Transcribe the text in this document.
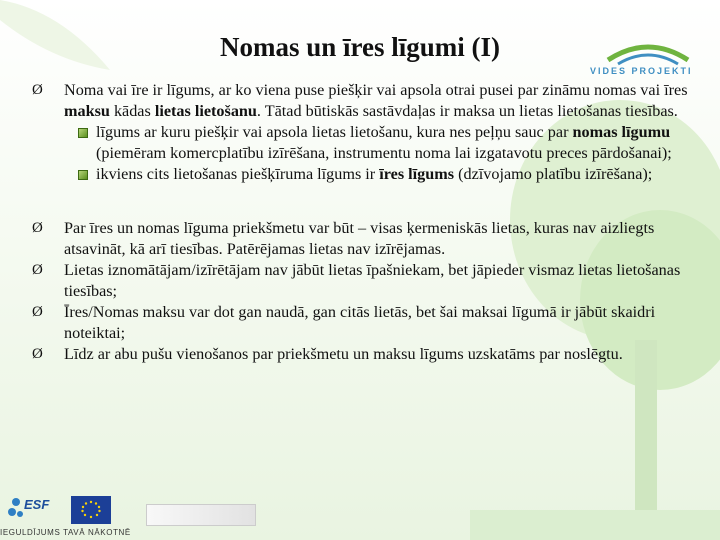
VIDES PROJEKTI
Nomas un īres līgumi (I)
Ø Noma vai īre ir līgums, ar ko viena puse piešķir vai apsola otrai pusei par zināmu nomas vai īres maksu kādas lietas lietošanu. Tātad būtiskās sastāvdaļas ir maksa un lietas lietošanas tiesības.
līgums ar kuru piešķir vai apsola lietas lietošanu, kura nes peļņu sauc par nomas līgumu (piemēram komercplatību izīrēšana, instrumentu noma lai izgatavotu preces pārdošanai);
ikviens cits lietošanas piešķīruma līgums ir īres līgums (dzīvojamo platību izīrēšana);
Ø Par īres un nomas līguma priekšmetu var būt – visas ķermeniskās lietas, kuras nav aizliegts atsavināt, kā arī tiesības. Patērējamas lietas nav izīrējamas.
Ø Lietas iznomātājam/izīrētājam nav jābūt lietas īpašniekam, bet jāpieder vismaz lietas lietošanas tiesības;
Ø Īres/Nomas maksu var dot gan naudā, gan citās lietās, bet šai maksai līgumā ir jābūt skaidri noteiktai;
Ø Līdz ar abu pušu vienošanos par priekšmetu un maksu līgums uzskatāms par noslēgtu.
ESF
IEGULDĪJUMS TAVĀ NĀKOTNĒ
